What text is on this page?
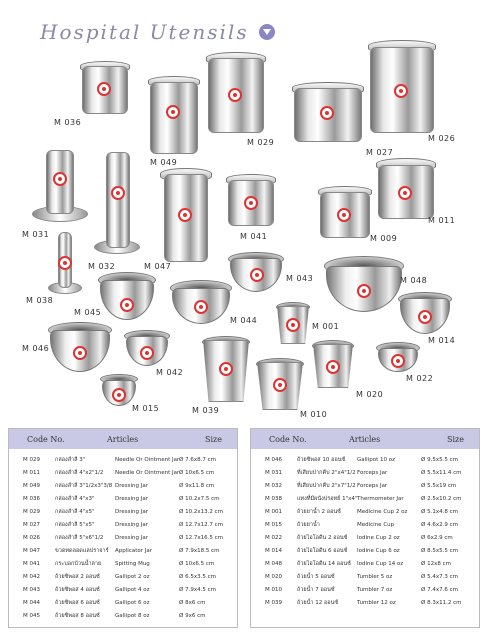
Hospital Utensils
M 036
M 049
M 029
M 027
M 026
M 031
M 032	M 047
M 041	M 009
M 011
M 038
M 045
M 044
M 043	M 048
M 001
M 014
M 046
M 042
M 020
M 022
M 015	M 039	M 010
Code No.	Articles	Size
M 029	กล่องสำลี 3"	Needle Or Ointment Jar Ø 7.6x8.7 cm
M 011	กล่องสำลี 4"x2"1/2 Needle Or Ointment Jar Ø 10x6.5 cm
M 049	กล่องสำลี 3"1/2x3"3/8 Dressing Jar	Ø 9x11.8 cm
M 036	กล่องสำลี 4"x3"	Dressing Jar	Ø 10.2x7.5 cm
M 029	กล่องสำลี 4"x5"	Dressing Jar	Ø 10.2x13.2 cm
M 027	กล่องสำลี 5"x5"	Dressing Jar	Ø 12.7x12.7 cm
M 026	กล่องสำลี 5"x6"1/2 Dressing Jar	Ø 12.7x16.5 cm
M 047	ขวดทดลอดแลปราจาร์ Applicator Jar	Ø 7.9x18.5 cm
M 041	กระบอกบ้วนน้ำลาย	Spitting Mug	Ø 10x6.5 cm
M 042	ถ้วยซิพอส 2 ออนซ์	Gallipot 2 oz	Ø 6.5x3.5 cm
M 043	ถ้วยซิพอส 4 ออนซ์	Gallipot 4 oz	Ø 7.9x4.5 cm
M 044	ถ้วยซิพอส 6 ออนซ์	Gallipot 6 oz	Ø 8x6 cm
M 045	ถ้วยซิพอส 8 ออนซ์	Gallipot 8 oz	Ø 9x6 cm
Code No.	Articles	Size
M 046	ถ้วยซิพอส 10 ออนซ์ Gallipot 10 oz	Ø 9.5x5.5 cm
M 031	ที่เสียบปากคีบ 2"x4"1/2 Forceps Jar	Ø 5.5x11.4 cm
M 032	ที่เสียบปากคีบ 2"x7"1/2 Forceps Jar	Ø 5.5x19 cm
M 038	แทงที่มีผนังปรอทย์ 1"x4" Thermometer Jar	Ø 2.5x10.2 cm
M 001	ถ้วยยาน้ำ 2 ออนซ์	Medicine Cup 2 oz Ø 5.1x4.8 cm
M 015	ถ้วยยาน้ำ	Medicine Cup	Ø 4.6x2.9 cm
M 022	ถ้วยไอโอดีน 2 ออนซ์ Iodine Cup 2 oz	Ø 6x2.9 cm
M 014	ถ้วยไอโอดีน 6 ออนซ์ Iodine Cup 6 oz	Ø 8.5x5.5 cm
M 048	ถ้วยไอโอดีน 14 ออนซ์ Iodine Cup 14 oz	Ø 12x8 cm
M 020	ถ้วยน้ำ 5 ออนซ์	Tumbler 5 oz	Ø 5.4x7.3 cm
M 010	ถ้วยน้ำ 7 ออนซ์	Tumbler 7 oz	Ø 7.4x7.6 cm
M 039	ถ้วยน้ำ 12 ออนซ์	Tumbler 12 oz	Ø 8.3x11.2 cm
